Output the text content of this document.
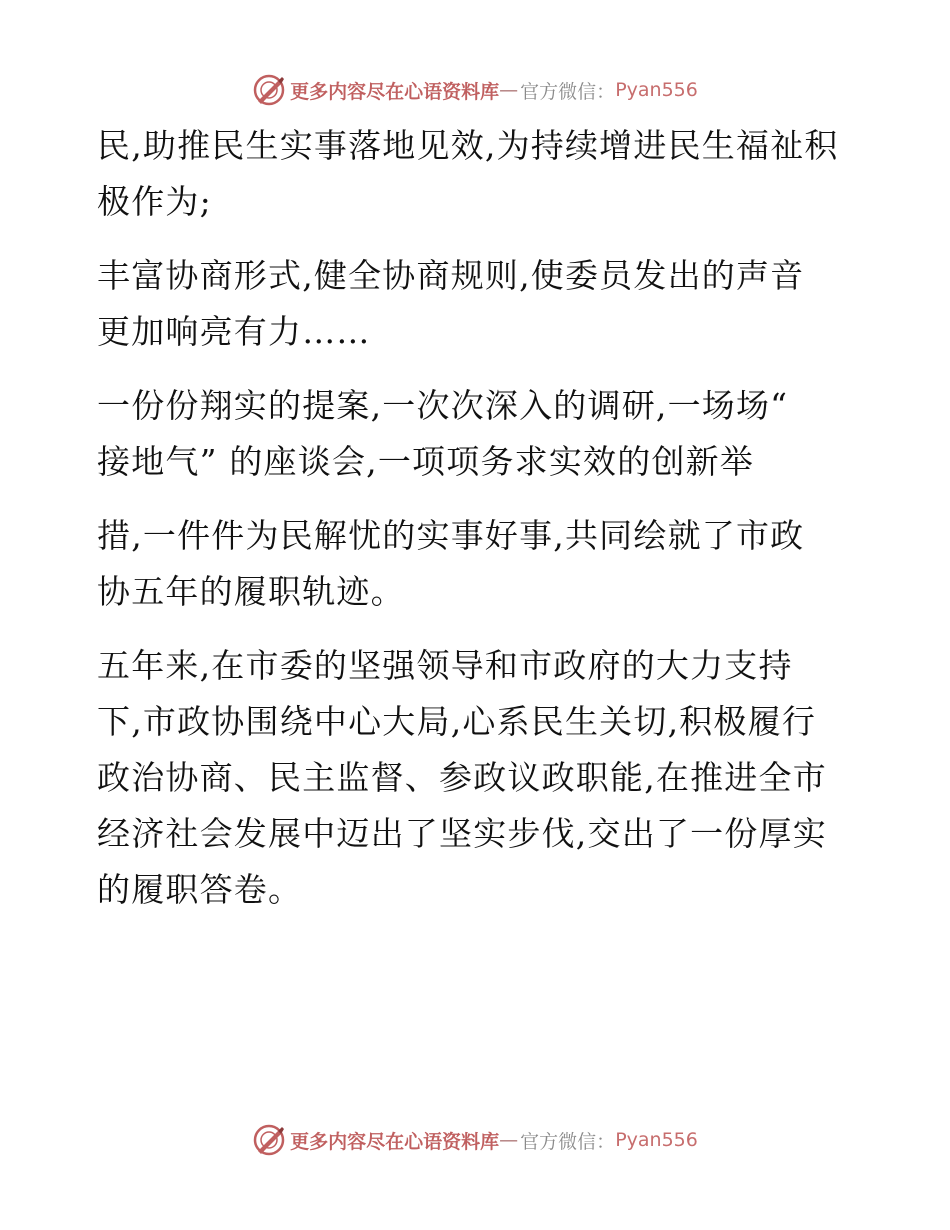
更多内容尽在心语资料库 — 官方微信： Pyan556

民,助推民生实事落地见效,为持续增进民生福祉积
极作为;

丰富协商形式,健全协商规则,使委员发出的声音
更加响亮有力……

一份份翔实的提案,一次次深入的调研,一场场“
接地气” 的座谈会,一项项务求实效的创新举

措,一件件为民解忧的实事好事,共同绘就了市政
协五年的履职轨迹。

五年来,在市委的坚强领导和市政府的大力支持
下,市政协围绕中心大局,心系民生关切,积极履行
政治协商、民主监督、参政议政职能,在推进全市
经济社会发展中迈出了坚实步伐,交出了一份厚实
的履职答卷。

更多内容尽在心语资料库 — 官方微信： Pyan556
